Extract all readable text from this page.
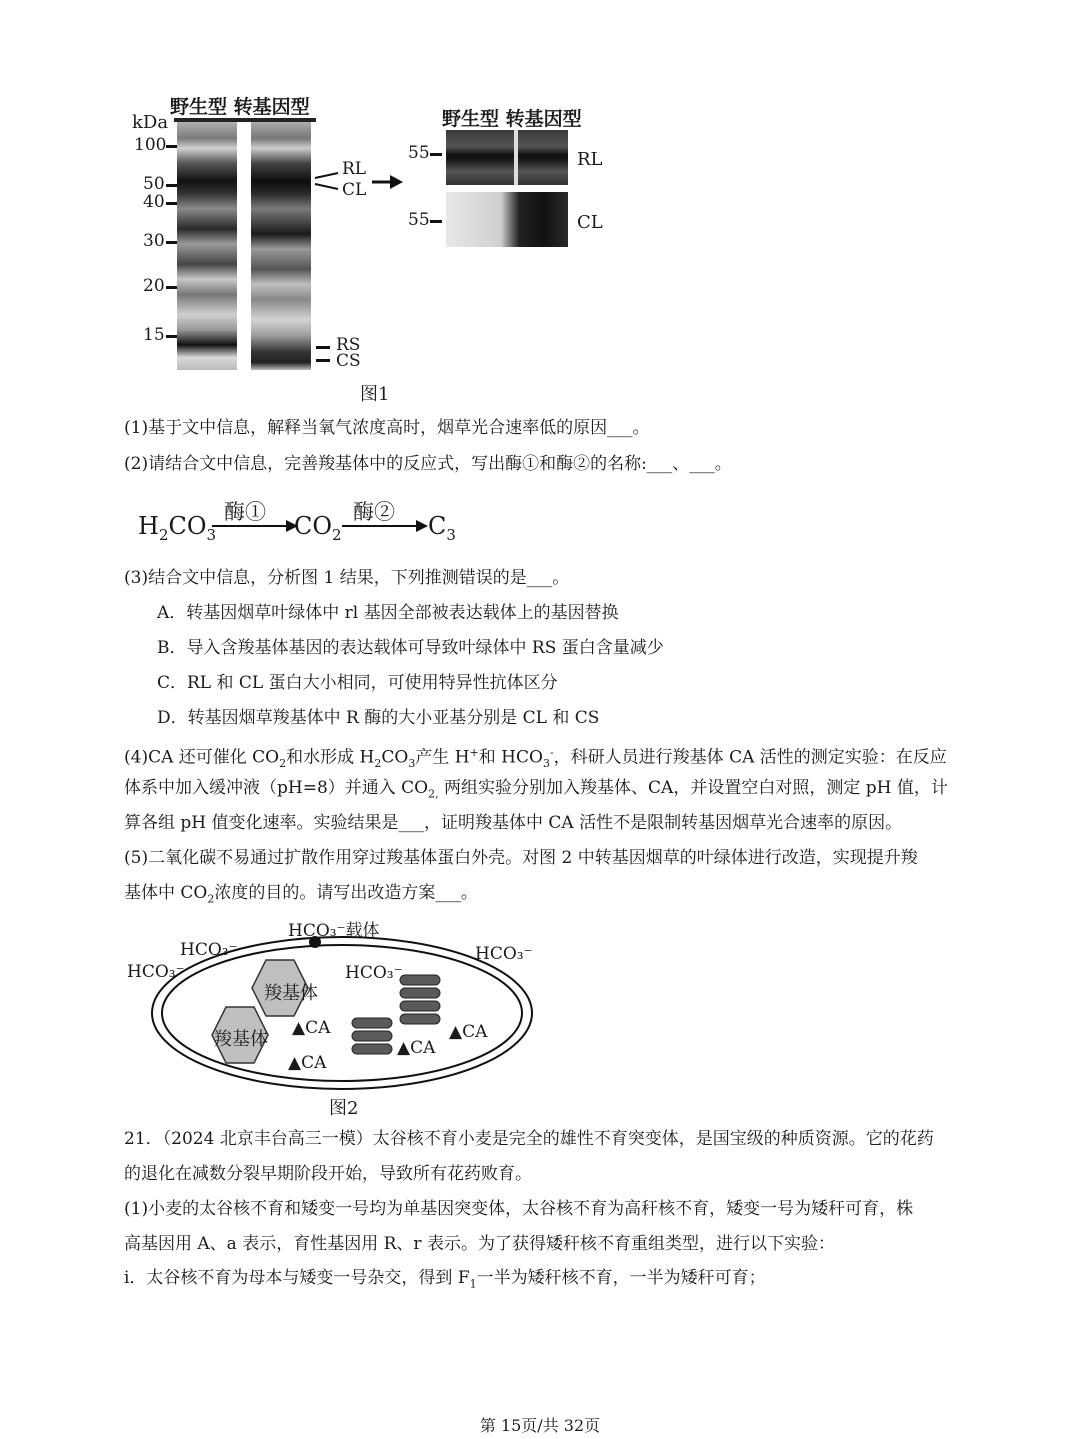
野生型 转基因型
kDa
100
50
40
30
20
15
RL
CL
RS
CS
野生型 转基因型
55	RL
55	CL
图1
(1)基于文中信息，解释当氧气浓度高时，烟草光合速率低的原因___。
(2)请结合文中信息，完善羧基体中的反应式，写出酶①和酶②的名称:___、___。
$H_2CO_3$
酶① $CO_2$
酶② $C_3$
(3)结合文中信息，分析图 1 结果，下列推测错误的是___。
A．转基因烟草叶绿体中 rl 基因全部被表达载体上的基因替换
B．导入含羧基体基因的表达载体可导致叶绿体中 RS 蛋白含量减少
C．RL 和 CL 蛋白大小相同，可使用特异性抗体区分
D．转基因烟草羧基体中 R 酶的大小亚基分别是 CL 和 CS
(4)CA 还可催化 $CO_2$和水形成 $H_2CO_3$产生 H+和 $HCO_3^-$，科研人员进行羧基体 CA 活性的测定实验：在反应
体系中加入缓冲液（pH=8）并通入 $CO_{2,}$ 两组实验分别加入羧基体、CA，并设置空白对照，测定 pH 值，计
算各组 pH 值变化速率。实验结果是___，证明羧基体中 CA 活性不是限制转基因烟草光合速率的原因。
(5)二氧化碳不易通过扩散作用穿过羧基体蛋白外壳。对图 2 中转基因烟草的叶绿体进行改造，实现提升羧
基体中 $CO_2$浓度的目的。请写出改造方案___。
HCO₃⁻载体
HCO₃⁻
HCO₃⁻
HCO₃⁻
HCO₃⁻
羧基体
羧基体
▲CA
▲CA
▲CA
▲CA
图2
21．（2024 北京丰台高三一模）太谷核不育小麦是完全的雄性不育突变体，是国宝级的种质资源。它的花药
的退化在减数分裂早期阶段开始，导致所有花药败育。
(1)小麦的太谷核不育和矮变一号均为单基因突变体，太谷核不育为高秆核不育，矮变一号为矮秆可育，株
高基因用 A、a 表示，育性基因用 R、r 表示。为了获得矮秆核不育重组类型，进行以下实验：
i．太谷核不育为母本与矮变一号杂交，得到 $F_1$一半为矮秆核不育，一半为矮秆可育；
第 15页/共 32页
